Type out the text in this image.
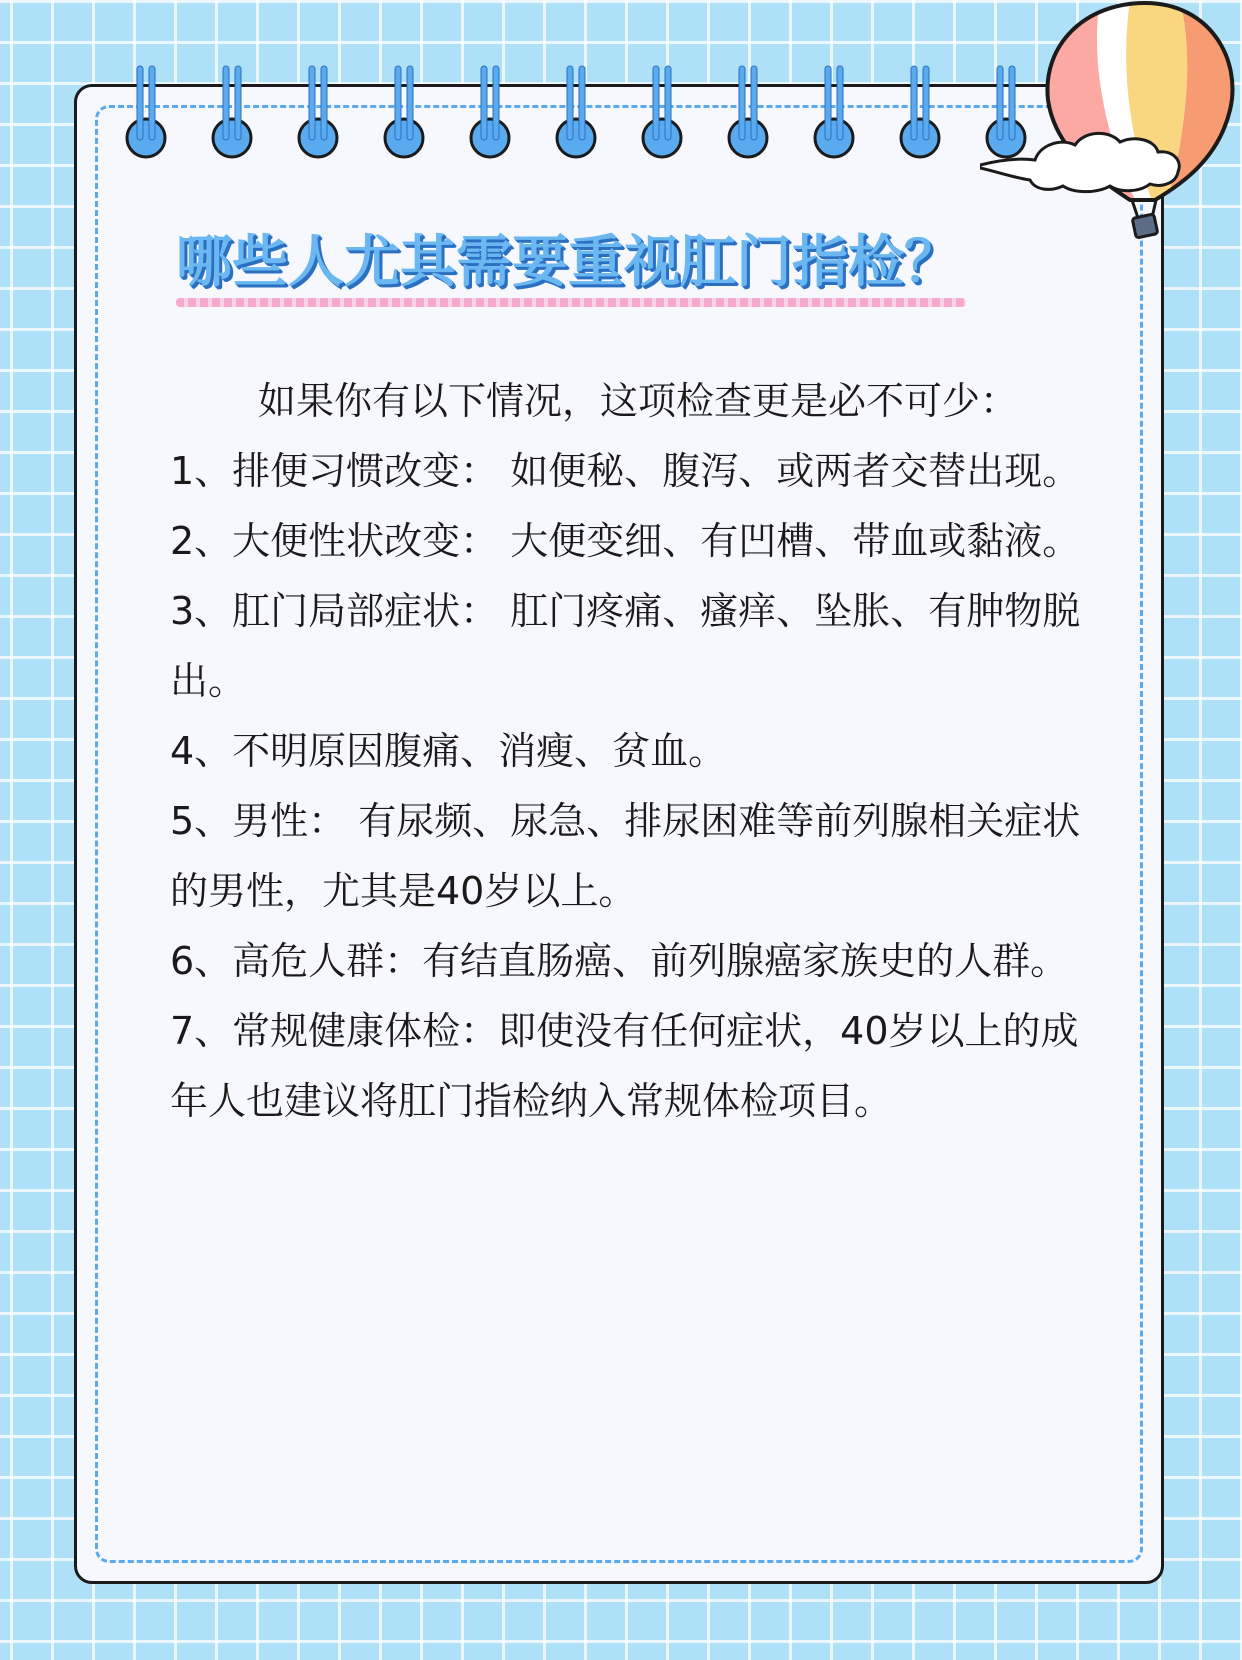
哪些人尤其需要重视肛门指检？

如果你有以下情况，这项检查更是必不可少：

1、排便习惯改变： 如便秘、腹泻、或两者交替出现。

2、大便性状改变： 大便变细、有凹槽、带血或黏液。

3、肛门局部症状： 肛门疼痛、瘙痒、坠胀、有肿物脱出。

4、不明原因腹痛、消瘦、贫血。

5、男性： 有尿频、尿急、排尿困难等前列腺相关症状的男性，尤其是40岁以上。

6、高危人群：有结直肠癌、前列腺癌家族史的人群。

7、常规健康体检：即使没有任何症状，40岁以上的成年人也建议将肛门指检纳入常规体检项目。
